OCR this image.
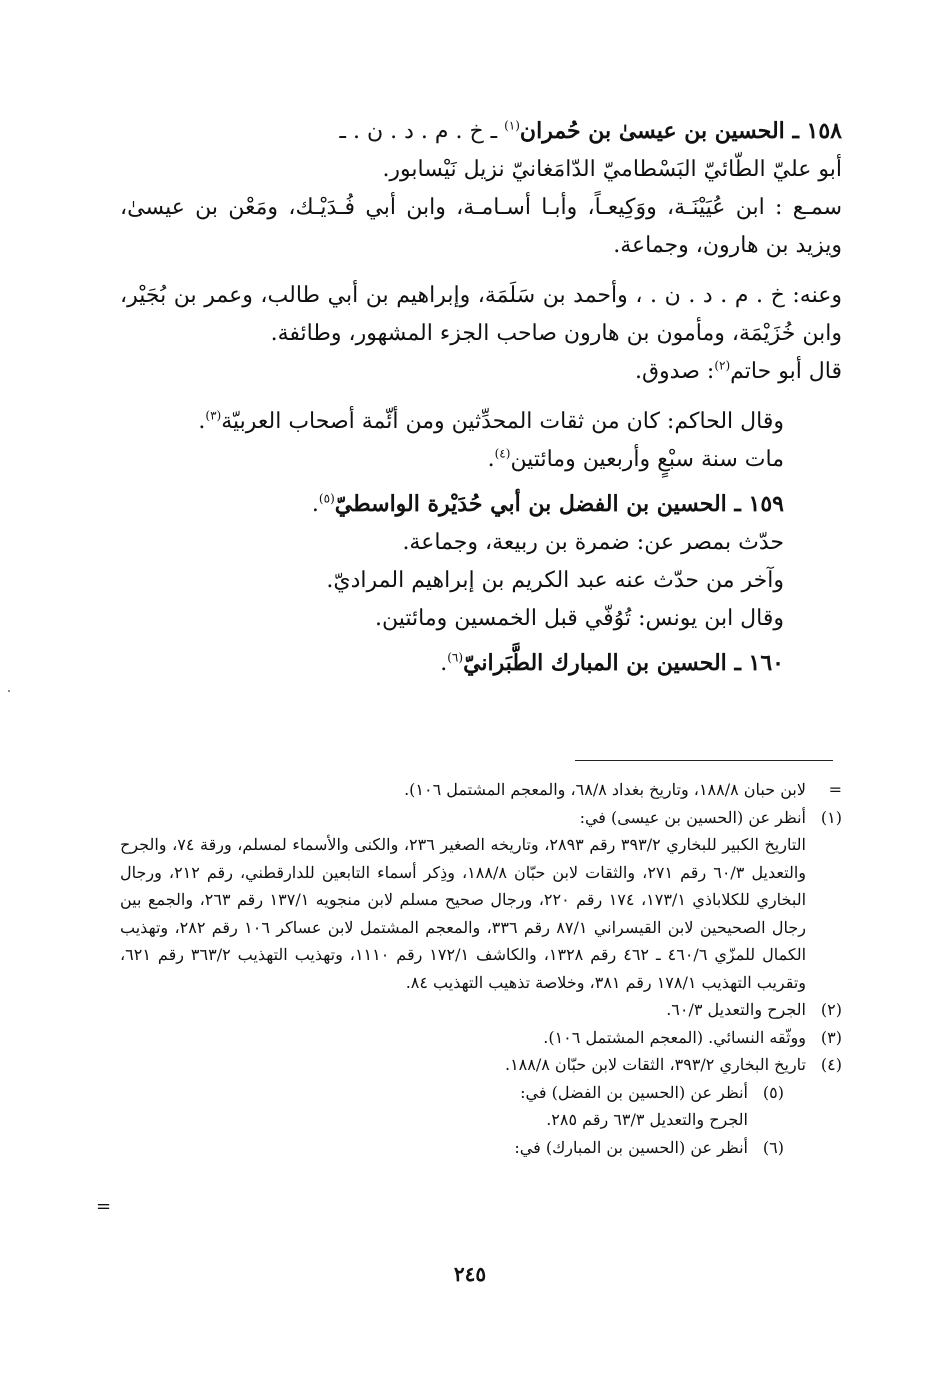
١٥٨ ـ الحسين بن عيسىٰ بن حُمران$^{(١)}$ ـ خ . م . د . ن . ـ

أبو عليّ الطّائيّ البَسْطاميّ الدّامَغانيّ نزيل نَيْسابور.

سمـع : ابن عُيَيْنَـة، ووَكِيعـاً، وأبـا أسـامـة، وابن أبي فُـدَيْـك، ومَعْن بن عيسىٰ، ويزيد بن هارون، وجماعة.

وعنه: خ . م . د . ن . ، وأحمد بن سَلَمَة، وإبراهيم بن أبي طالب، وعمر بن بُجَيْر، وابن خُزَيْمَة، ومأمون بن هارون صاحب الجزء المشهور، وطائفة.

قال أبو حاتم$^{(٢)}$: صدوق.

وقال الحاكم: كان من ثقات المحدِّثين ومن أئّمة أصحاب العربيّة$^{(٣)}$.

مات سنة سبْعٍ وأربعين ومائتين$^{(٤)}$.

١٥٩ ـ الحسين بن الفضل بن أبي حُدَيْرة الواسطيّ$^{(٥)}$.

حدّث بمصر عن: ضمرة بن ربيعة، وجماعة.

وآخر من حدّث عنه عبد الكريم بن إبراهيم المراديّ.

وقال ابن يونس: تُوُفّي قبل الخمسين ومائتين.

١٦٠ ـ الحسين بن المبارك الطَّبَرانيّ$^{(٦)}$.

=
لابن حبان ١٨٨/٨، وتاريخ بغداد ٦٨/٨، والمعجم المشتمل ١٠٦).
(١)
أنظر عن (الحسين بن عيسى) في:
التاريخ الكبير للبخاري ٣٩٣/٢ رقم ٢٨٩٣، وتاريخه الصغير ٢٣٦، والكنى والأسماء لمسلم، ورقة ٧٤، والجرح والتعديل ٦٠/٣ رقم ٢٧١، والثقات لابن حبّان ١٨٨/٨، وذِكر أسماء التابعين للدارقطني، رقم ٢١٢، ورجال البخاري للكلاباذي ١٧٣/١، ١٧٤ رقم ٢٢٠، ورجال صحيح مسلم لابن منجويه ١٣٧/١ رقم ٢٦٣، والجمع بين رجال الصحيحين لابن القيسراني ٨٧/١ رقم ٣٣٦، والمعجم المشتمل لابن عساكر ١٠٦ رقم ٢٨٢، وتهذيب الكمال للمزّي ٤٦٠/٦ ـ ٤٦٢ رقم ١٣٢٨، والكاشف ١٧٢/١ رقم ١١١٠، وتهذيب التهذيب ٣٦٣/٢ رقم ٦٢١، وتقريب التهذيب ١٧٨/١ رقم ٣٨١، وخلاصة تذهيب التهذيب ٨٤.
(٢)
الجرح والتعديل ٦٠/٣.
(٣)
ووثّقه النسائي. (المعجم المشتمل ١٠٦).
(٤)
تاريخ البخاري ٣٩٣/٢، الثقات لابن حبّان ١٨٨/٨.
(٥)
أنظر عن (الحسين بن الفضل) في:
الجرح والتعديل ٦٣/٣ رقم ٢٨٥.
(٦)
أنظر عن (الحسين بن المبارك) في:
=
٢٤٥
